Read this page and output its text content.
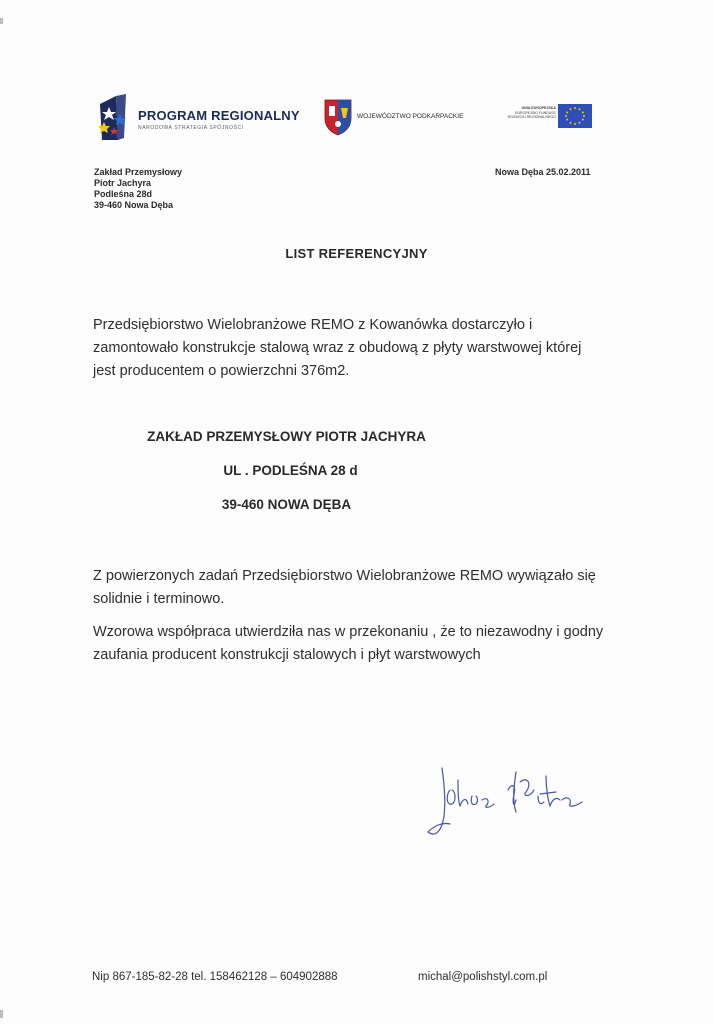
PROGRAM REGIONALNY
NARODOWA STRATEGIA SPÓJNOŚCI
WOJEWÓDZTWO PODKARPACKIE
UNIA EUROPEJSKA
EUROPEJSKI FUNDUSZ
ROZWOJU REGIONALNEGO
Zakład Przemysłowy
Piotr Jachyra
Podleśna 28d
39-460 Nowa Dęba
Nowa Dęba 25.02.2011
LIST REFERENCYJNY
Przedsiębiorstwo Wielobranżowe REMO z Kowanówka dostarczyło i
zamontowało konstrukcje stalową wraz z obudową z płyty warstwowej której
jest producentem o powierzchni 376m2.
ZAKŁAD PRZEMYSŁOWY PIOTR JACHYRA
UL . PODLEŚNA 28 d
39-460 NOWA DĘBA
Z powierzonych zadań Przedsiębiorstwo Wielobranżowe REMO wywiązało się
solidnie i terminowo.
Wzorowa współpraca utwierdziła nas w przekonaniu , że to niezawodny i godny
zaufania producent konstrukcji stalowych i płyt warstwowych
Nip 867-185-82-28 tel. 158462128 – 604902888	michal@polishstyl.com.pl
